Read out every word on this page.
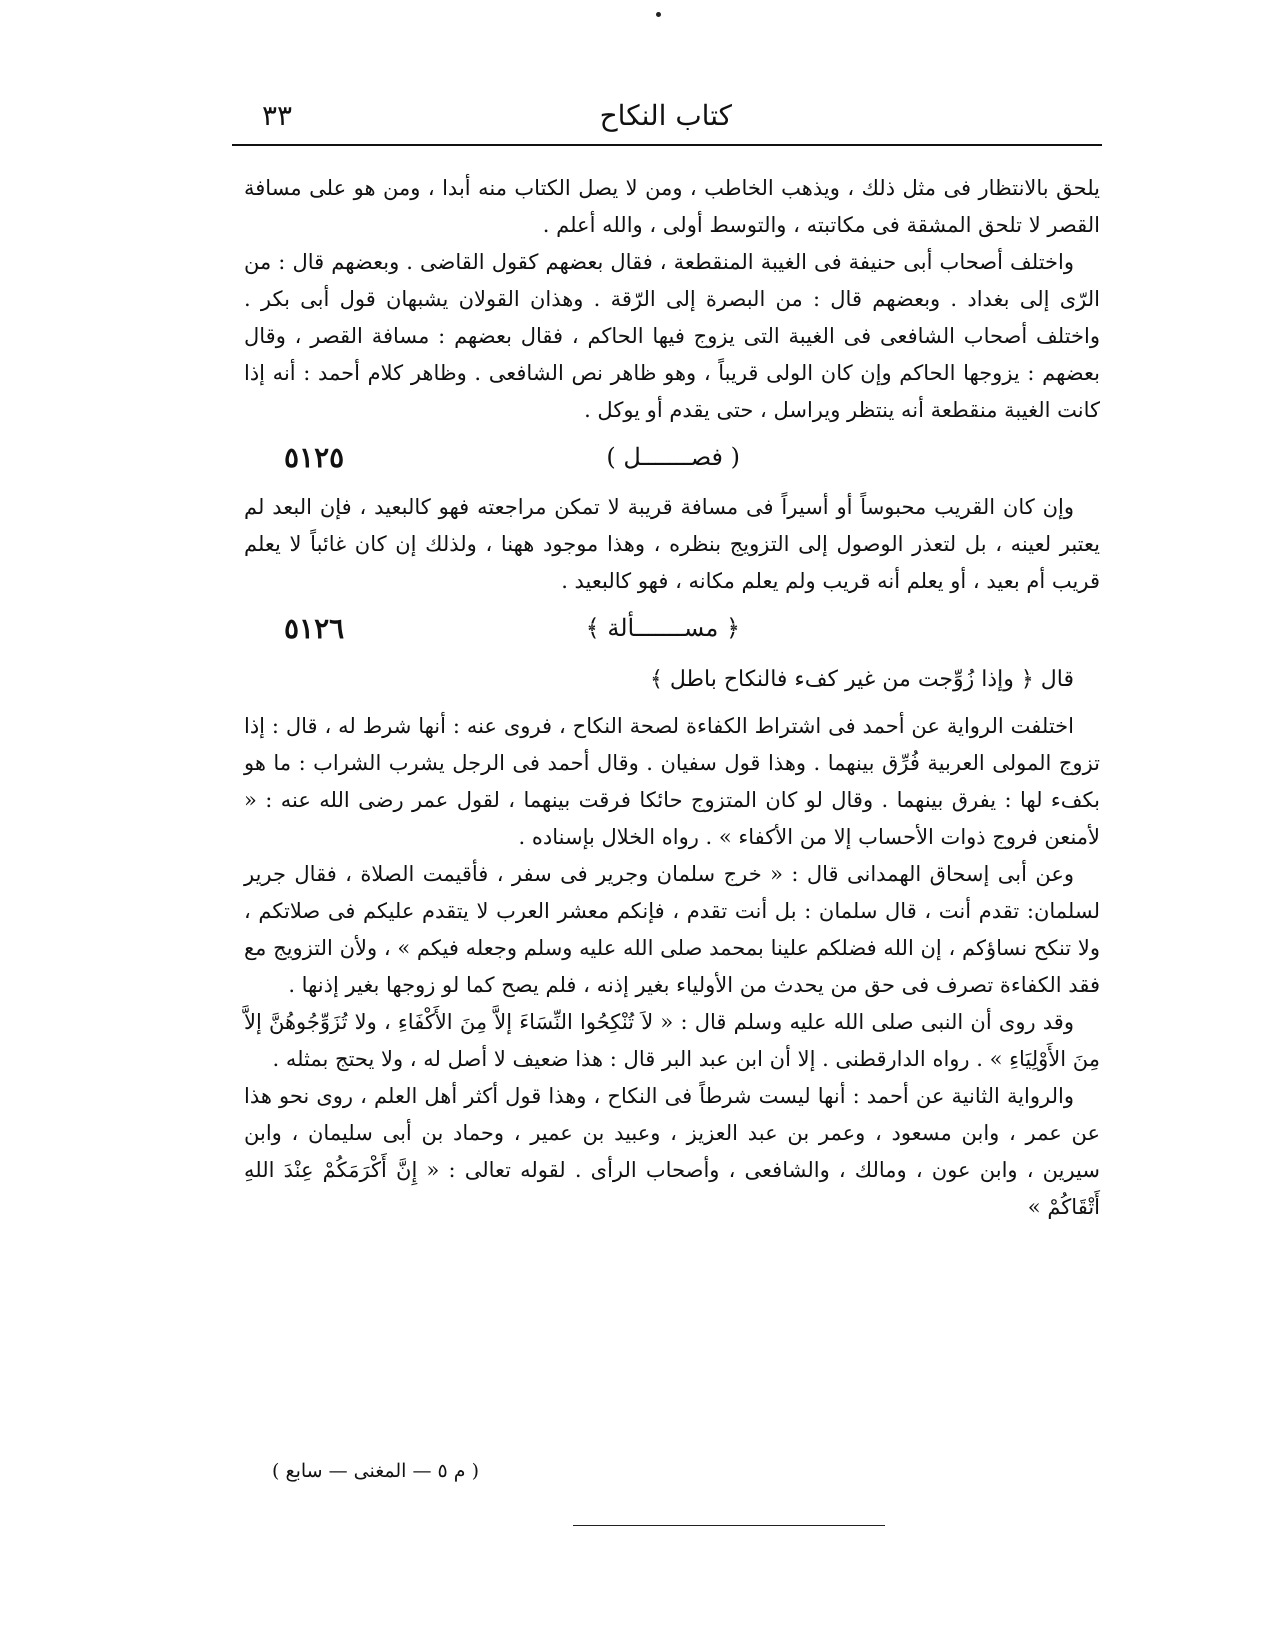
كتاب النكاح
٣٣

يلحق بالانتظار فى مثل ذلك ، ويذهب الخاطب ، ومن لا يصل الكتاب منه أبدا ، ومن هو على مسافة القصر لا تلحق المشقة فى مكاتبته ، والتوسط أولى ، والله أعلم .

واختلف أصحاب أبى حنيفة فى الغيبة المنقطعة ، فقال بعضهم كقول القاضى . وبعضهم قال : من الرّى إلى بغداد . وبعضهم قال : من البصرة إلى الرّقة . وهذان القولان يشبهان قول أبى بكر . واختلف أصحاب الشافعى فى الغيبة التى يزوج فيها الحاكم ، فقال بعضهم : مسافة القصر ، وقال بعضهم : يزوجها الحاكم وإن كان الولى قريباً ، وهو ظاهر نص الشافعى . وظاهر كلام أحمد : أنه إذا كانت الغيبة منقطعة أنه ينتظر ويراسل ، حتى يقدم أو يوكل .

( فصـــــــل )
٥١٢٥

وإن كان القريب محبوساً أو أسيراً فى مسافة قريبة لا تمكن مراجعته فهو كالبعيد ، فإن البعد لم يعتبر لعينه ، بل لتعذر الوصول إلى التزويج بنظره ، وهذا موجود ههنا ، ولذلك إن كان غائباً لا يعلم قريب أم بعيد ، أو يعلم أنه قريب ولم يعلم مكانه ، فهو كالبعيد .

﴿ مســـــــألة ﴾
٥١٢٦

قال ﴿ وإذا زُوِّجت من غير كفء فالنكاح باطل ﴾

اختلفت الرواية عن أحمد فى اشتراط الكفاءة لصحة النكاح ، فروى عنه : أنها شرط له ، قال : إذا تزوج المولى العربية فُرِّق بينهما . وهذا قول سفيان . وقال أحمد فى الرجل يشرب الشراب : ما هو بكفء لها : يفرق بينهما . وقال لو كان المتزوج حائكا فرقت بينهما ، لقول عمر رضى الله عنه : « لأمنعن فروج ذوات الأحساب إلا من الأكفاء » . رواه الخلال بإسناده .

وعن أبى إسحاق الهمدانى قال : « خرج سلمان وجرير فى سفر ، فأقيمت الصلاة ، فقال جرير لسلمان: تقدم أنت ، قال سلمان : بل أنت تقدم ، فإنكم معشر العرب لا يتقدم عليكم فى صلاتكم ، ولا تنكح نساؤكم ، إن الله فضلكم علينا بمحمد صلى الله عليه وسلم وجعله فيكم » ، ولأن التزويج مع فقد الكفاءة تصرف فى حق من يحدث من الأولياء بغير إذنه ، فلم يصح كما لو زوجها بغير إذنها .

وقد روى أن النبى صلى الله عليه وسلم قال : « لاَ تُنْكِحُوا النِّسَاءَ إلاَّ مِنَ الأَكْفَاءِ ، ولا تُزَوِّجُوهُنَّ إلاَّ مِنَ الأَوْلِيَاءِ » . رواه الدارقطنى . إلا أن ابن عبد البر قال : هذا ضعيف لا أصل له ، ولا يحتج بمثله .

والرواية الثانية عن أحمد : أنها ليست شرطاً فى النكاح ، وهذا قول أكثر أهل العلم ، روى نحو هذا عن عمر ، وابن مسعود ، وعمر بن عبد العزيز ، وعبيد بن عمير ، وحماد بن أبى سليمان ، وابن سيرين ، وابن عون ، ومالك ، والشافعى ، وأصحاب الرأى . لقوله تعالى : « إِنَّ أَكْرَمَكُمْ عِنْدَ اللهِ أَتْقَاكُمْ »

( م ٥ — المغنى — سابع )
